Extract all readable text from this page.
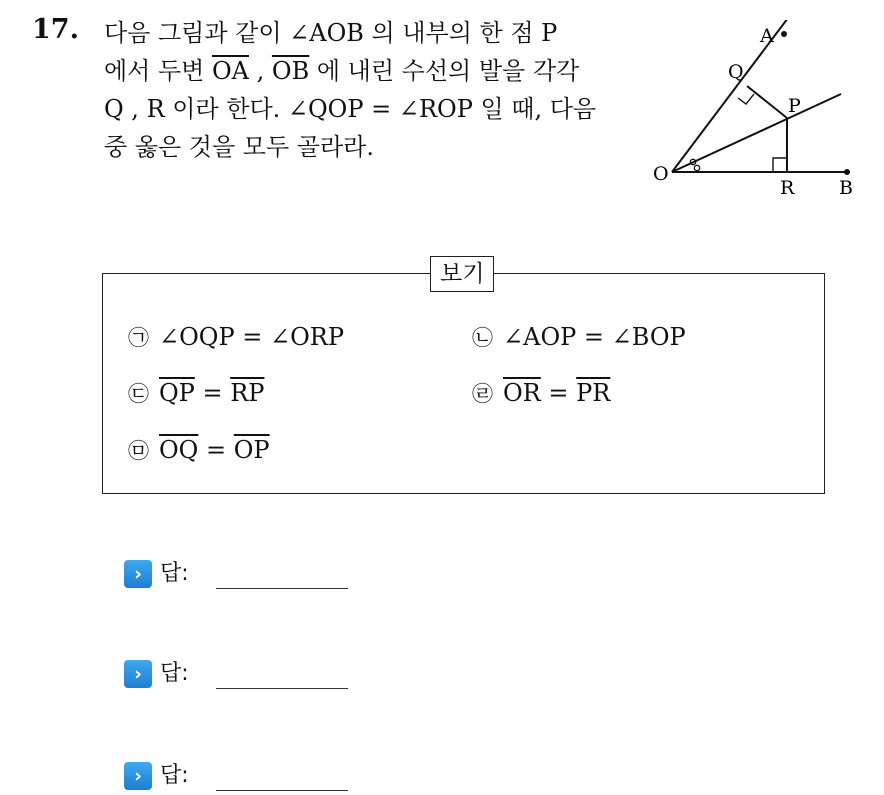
17. 다음 그림과 같이 ∠AOB 의 내부의 한 점 P
에서 두변 $\overline{OA}$ , $\overline{OB}$ 에 내린 수선의 발을 각각
Q , R 이라 한다. ∠QOP = ∠ROP 일 때, 다음
중 옳은 것을 모두 골라라.
A
Q
P
O
R B
보기
㉠ ∠OQP = ∠ORP	㉡ ∠AOP = ∠BOP
㉢ $\overline{QP} = \overline{RP}$	㉣ $\overline{OR} = \overline{PR}$
㉤ $\overline{OQ} = \overline{OP}$
› 답:
› 답:
› 답:
